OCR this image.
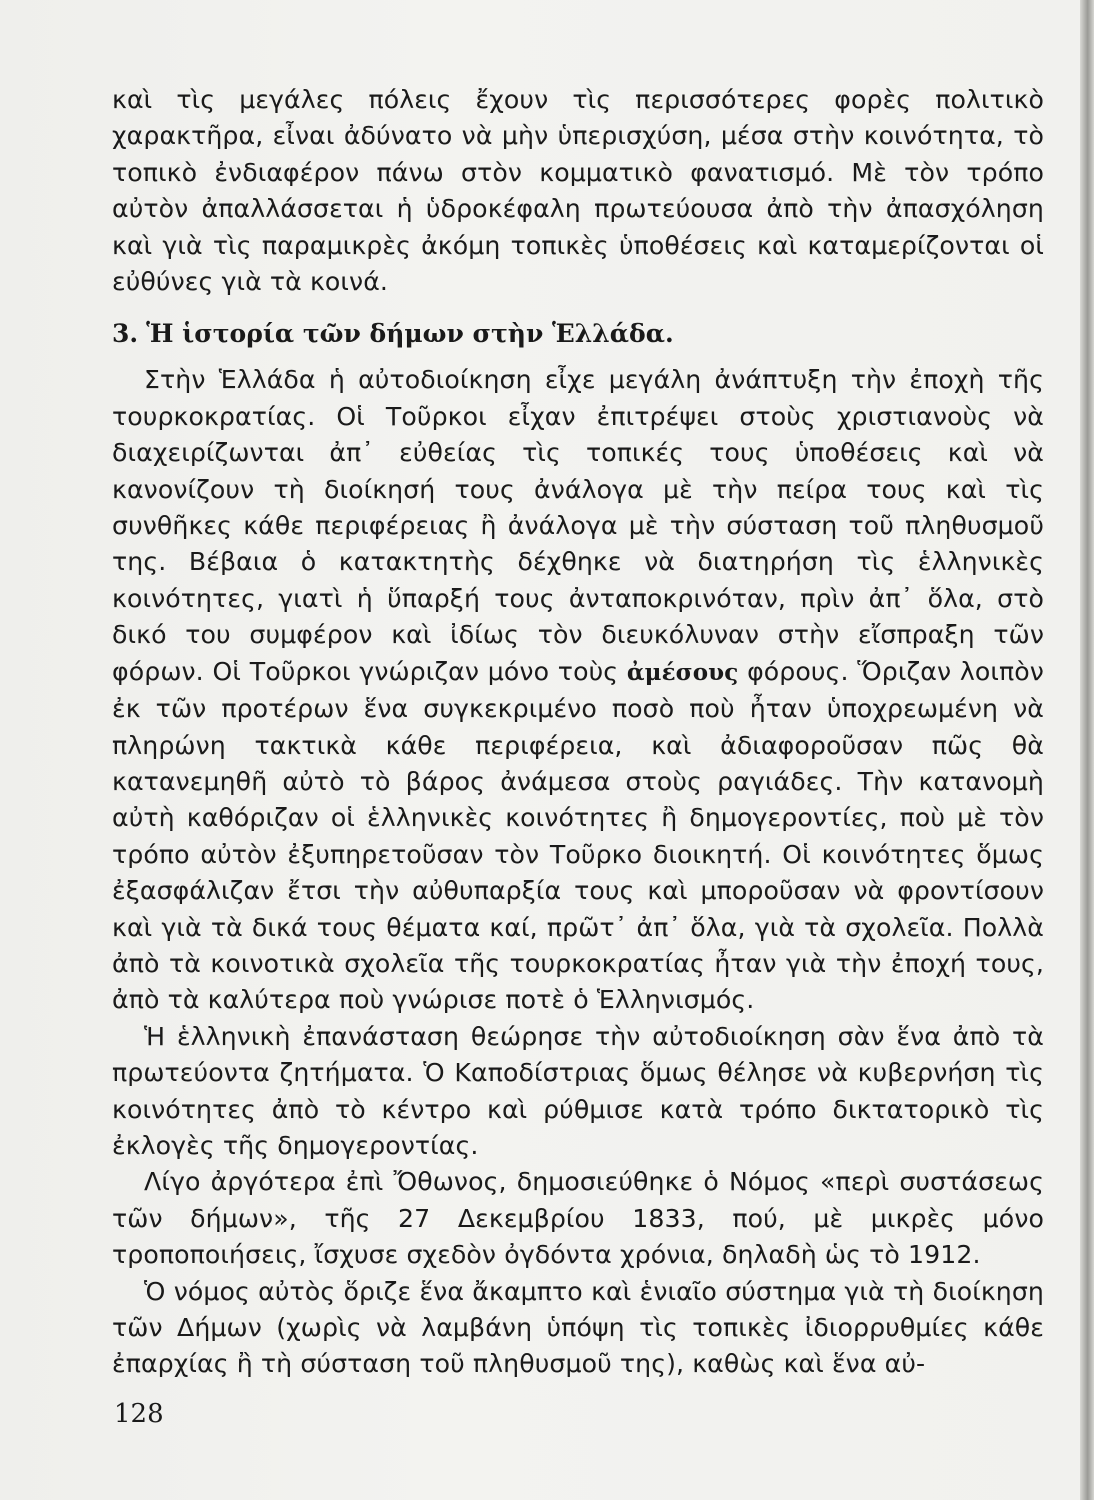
καὶ τὶς μεγάλες πόλεις ἔχουν τὶς περισσότερες φορὲς πολιτικὸ χαρακτῆρα, εἶναι ἀδύνατο νὰ μὴν ὑπερισχύση, μέσα στὴν κοινότητα, τὸ τοπικὸ ἐνδιαφέρον πάνω στὸν κομματικὸ φανατισμό. Μὲ τὸν τρόπο αὐτὸν ἀπαλλάσσεται ἡ ὑδροκέφαλη πρωτεύουσα ἀπὸ τὴν ἀπασχόληση καὶ γιὰ τὶς παραμικρὲς ἀκόμη τοπικὲς ὑποθέσεις καὶ καταμερίζονται οἱ εὐθύνες γιὰ τὰ κοινά.

3. Ἡ ἱστορία τῶν δήμων στὴν Ἑλλάδα.

Στὴν Ἑλλάδα ἡ αὐτοδιοίκηση εἶχε μεγάλη ἀνάπτυξη τὴν ἐποχὴ τῆς τουρκοκρατίας. Οἱ Τοῦρκοι εἶχαν ἐπιτρέψει στοὺς χριστιανοὺς νὰ διαχειρίζωνται ἀπ᾽ εὐθείας τὶς τοπικές τους ὑποθέσεις καὶ νὰ κανονίζουν τὴ διοίκησή τους ἀνάλογα μὲ τὴν πείρα τους καὶ τὶς συνθῆκες κάθε περιφέρειας ἢ ἀνάλογα μὲ τὴν σύσταση τοῦ πληθυσμοῦ της. Βέβαια ὁ κατακτητὴς δέχθηκε νὰ διατηρήση τὶς ἑλληνικὲς κοινότητες, γιατὶ ἡ ὕπαρξή τους ἀνταποκρινόταν, πρὶν ἀπ᾽ ὅλα, στὸ δικό του συμφέρον καὶ ἰδίως τὸν διευκόλυναν στὴν εἴσπραξη τῶν φόρων. Οἱ Τοῦρκοι γνώριζαν μόνο τοὺς ἀμέσους φόρους. Ὅριζαν λοιπὸν ἐκ τῶν προτέρων ἕνα συγκεκριμένο ποσὸ ποὺ ἦταν ὑποχρεωμένη νὰ πληρώνη τακτικὰ κάθε περιφέρεια, καὶ ἀδιαφοροῦσαν πῶς θὰ κατανεμηθῆ αὐτὸ τὸ βάρος ἀνάμεσα στοὺς ραγιάδες. Τὴν κατανομὴ αὐτὴ καθόριζαν οἱ ἑλληνικὲς κοινότητες ἢ δημογεροντίες, ποὺ μὲ τὸν τρόπο αὐτὸν ἐξυπηρετοῦσαν τὸν Τοῦρκο διοικητή. Οἱ κοινότητες ὅμως ἐξασφάλιζαν ἔτσι τὴν αὐθυπαρξία τους καὶ μποροῦσαν νὰ φροντίσουν καὶ γιὰ τὰ δικά τους θέματα καί, πρῶτ᾽ ἀπ᾽ ὅλα, γιὰ τὰ σχολεῖα. Πολλὰ ἀπὸ τὰ κοινοτικὰ σχολεῖα τῆς τουρκοκρατίας ἦταν γιὰ τὴν ἐποχή τους, ἀπὸ τὰ καλύτερα ποὺ γνώρισε ποτὲ ὁ Ἑλληνισμός.

Ἡ ἑλληνικὴ ἐπανάσταση θεώρησε τὴν αὐτοδιοίκηση σὰν ἕνα ἀπὸ τὰ πρωτεύοντα ζητήματα. Ὁ Καποδίστριας ὅμως θέλησε νὰ κυβερνήση τὶς κοινότητες ἀπὸ τὸ κέντρο καὶ ρύθμισε κατὰ τρόπο δικτατορικὸ τὶς ἐκλογὲς τῆς δημογεροντίας.

Λίγο ἀργότερα ἐπὶ Ὄθωνος, δημοσιεύθηκε ὁ Νόμος «περὶ συστάσεως τῶν δήμων», τῆς 27 Δεκεμβρίου 1833, πού, μὲ μικρὲς μόνο τροποποιήσεις, ἴσχυσε σχεδὸν ὀγδόντα χρόνια, δηλαδὴ ὡς τὸ 1912.

Ὁ νόμος αὐτὸς ὅριζε ἕνα ἄκαμπτο καὶ ἑνιαῖο σύστημα γιὰ τὴ διοίκηση τῶν Δήμων (χωρὶς νὰ λαμβάνη ὑπόψη τὶς τοπικὲς ἰδιορρυθμίες κάθε ἐπαρχίας ἢ τὴ σύσταση τοῦ πληθυσμοῦ της), καθὼς καὶ ἕνα αὐ-

128
